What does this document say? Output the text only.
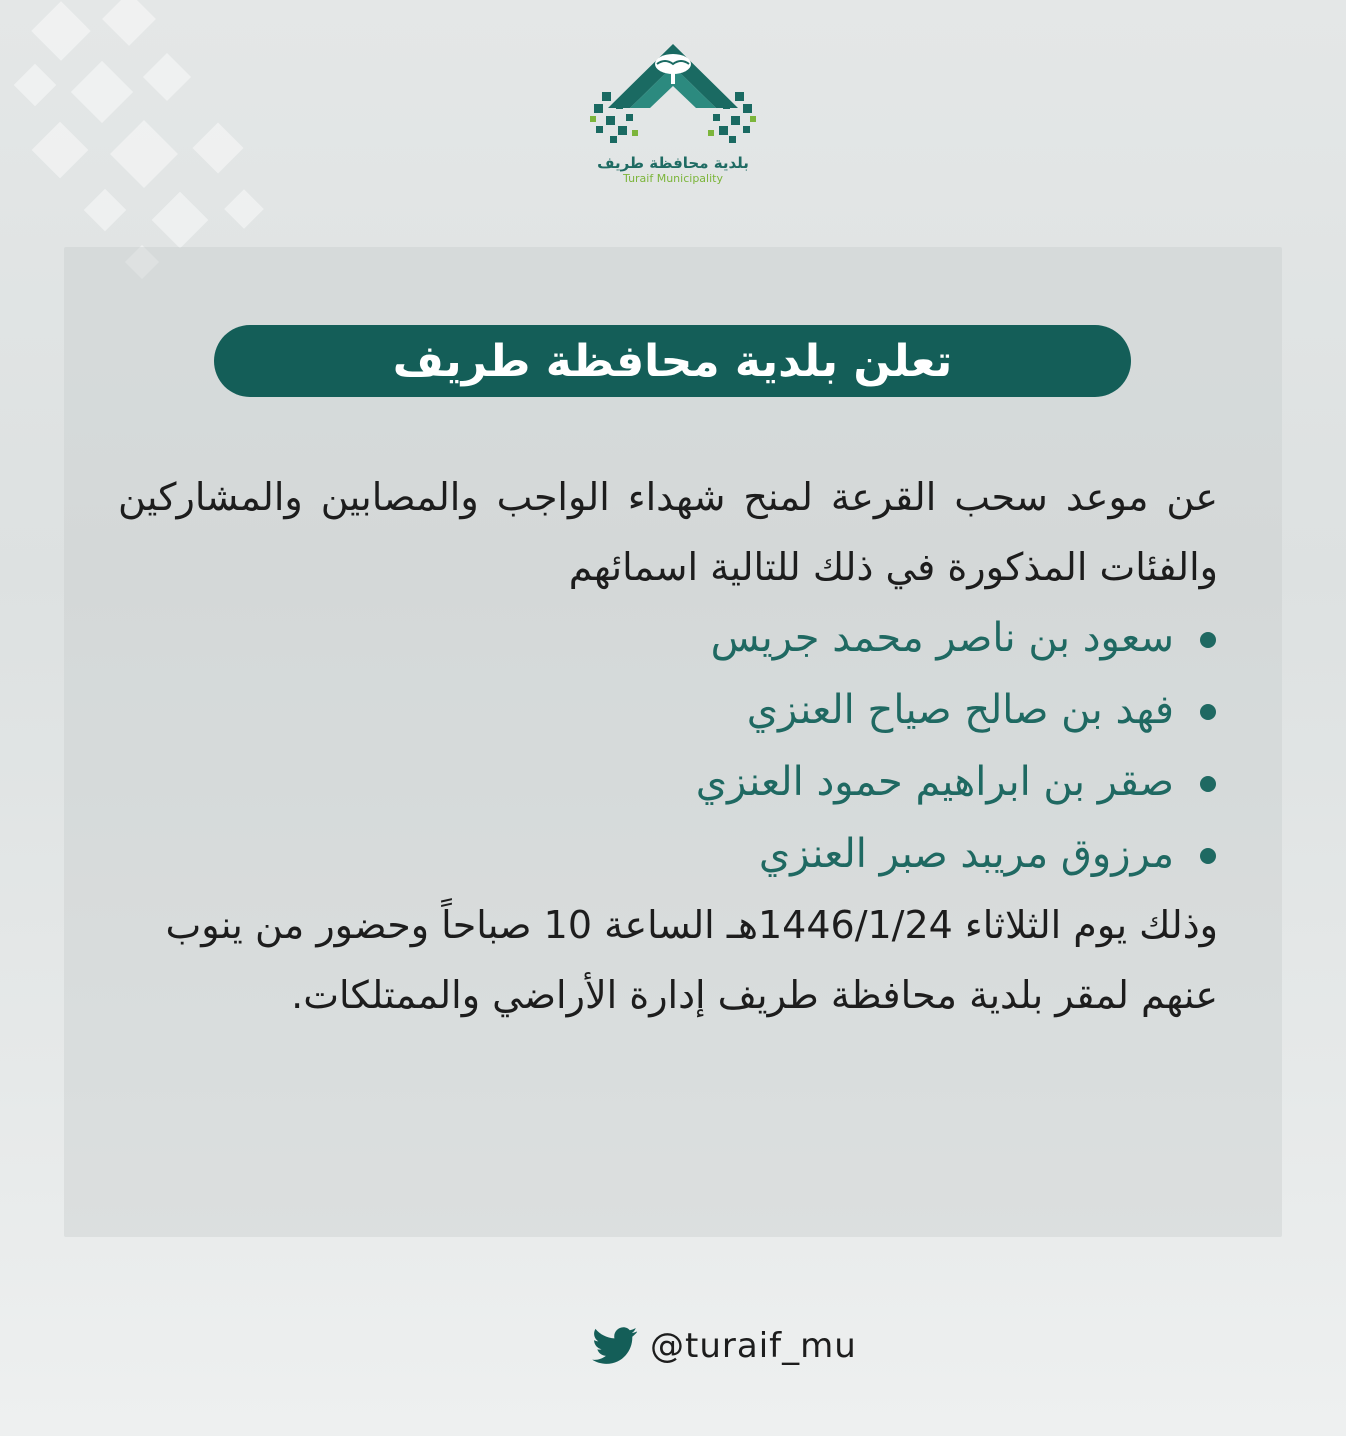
بلدية محافظة طريف
Turaif Municipality
تعلن بلدية محافظة طريف

عن موعد سحب القرعة لمنح شهداء الواجب والمصابين والمشاركين والفئات المذكورة في ذلك للتالية اسمائهم

سعود بن ناصر محمد جريس
فهد بن صالح صياح العنزي
صقر بن ابراهيم حمود العنزي
مرزوق مريبد صبر العنزي

وذلك يوم الثلاثاء 1446/1/24هـ الساعة 10 صباحاً وحضور من ينوب عنهم لمقر بلدية محافظة طريف إدارة الأراضي والممتلكات.

@turaif_mu
